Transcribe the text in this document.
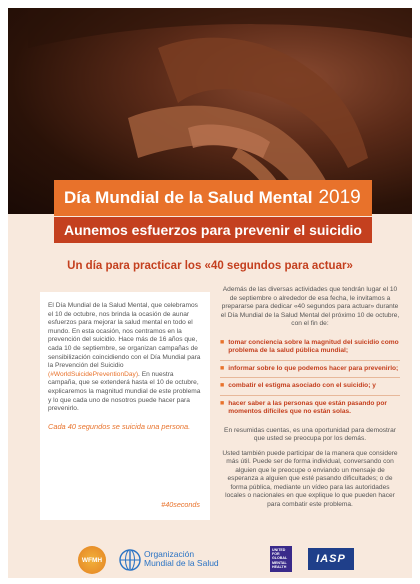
Día Mundial de la Salud Mental 2019
Aunemos esfuerzos para prevenir el suicidio
Un día para practicar los «40 segundos para actuar»

El Día Mundial de la Salud Mental, que celebramos el 10 de octubre, nos brinda la ocasión de aunar esfuerzos para mejorar la salud mental en todo el mundo. En esta ocasión, nos centramos en la prevención del suicidio. Hace más de 16 años que, cada 10 de septiembre, se organizan campañas de sensibilización coincidiendo con el Día Mundial para la Prevención del Suicidio (#WorldSuicidePreventionDay). En nuestra campaña, que se extenderá hasta el 10 de octubre, explicaremos la magnitud mundial de este problema y lo que cada uno de nosotros puede hacer para prevenirlo.

Cada 40 segundos se suicida una persona.

#40seconds

Además de las diversas actividades que tendrán lugar el 10 de septiembre o alrededor de esa fecha, le invitamos a prepararse para dedicar «40 segundos para actuar» durante el Día Mundial de la Salud Mental del próximo 10 de octubre, con el fin de:

■ tomar conciencia sobre la magnitud del suicidio como problema de la salud pública mundial;
■ informar sobre lo que podemos hacer para prevenirlo;
■ combatir el estigma asociado con el suicidio; y
■ hacer saber a las personas que están pasando por momentos difíciles que no están solas.

En resumidas cuentas, es una oportunidad para demostrar que usted se preocupa por los demás.

Usted también puede participar de la manera que considere más útil. Puede ser de forma individual, conversando con alguien que le preocupe o enviando un mensaje de esperanza a alguien que esté pasando dificultades; o de forma pública, mediante un vídeo para las autoridades locales o nacionales en que explique lo que pueden hacer para combatir este problema.

WFMH
Organización
Mundial de la Salud
UNITED FOR GLOBAL MENTAL HEALTH
IASP
